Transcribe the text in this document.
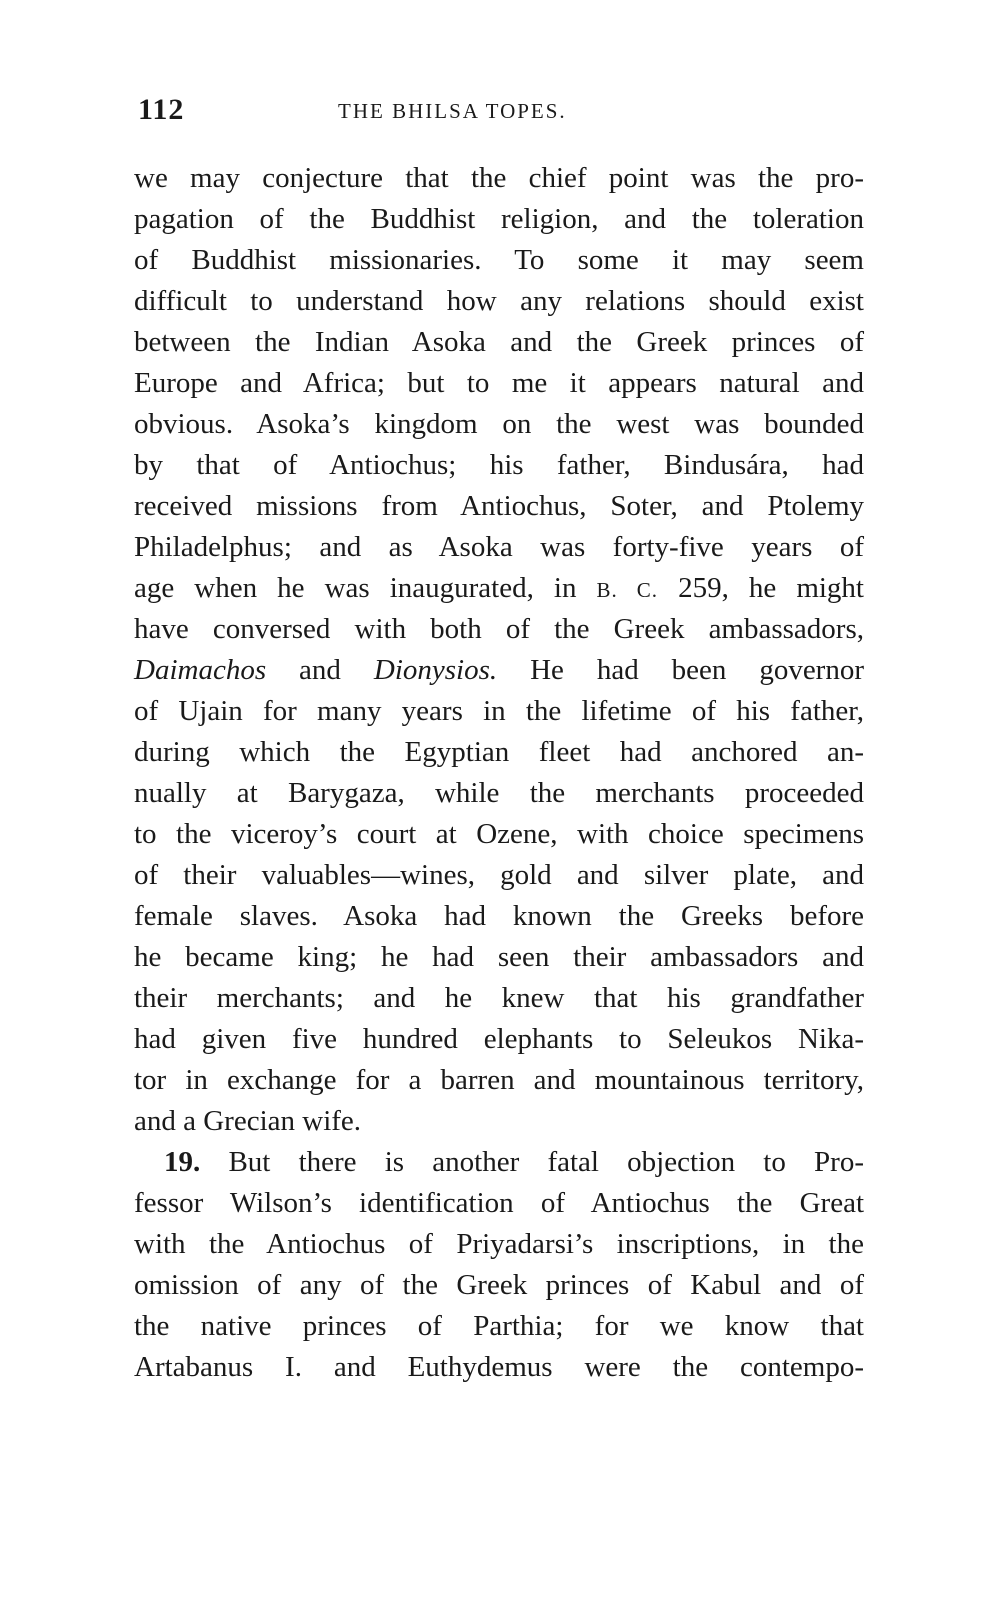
112	THE BHILSA TOPES.
we may conjecture that the chief point was the pro-
pagation of the Buddhist religion, and the toleration
of Buddhist missionaries. To some it may seem
difficult to understand how any relations should exist
between the Indian Asoka and the Greek princes of
Europe and Africa; but to me it appears natural and
obvious. Asoka’s kingdom on the west was bounded
by that of Antiochus; his father, Bindusára, had
received missions from Antiochus, Soter, and Ptolemy
Philadelphus; and as Asoka was forty-five years of
age when he was inaugurated, in B. C. 259, he might
have conversed with both of the Greek ambassadors,
Daimachos and Dionysios. He had been governor
of Ujain for many years in the lifetime of his father,
during which the Egyptian fleet had anchored an-
nually at Barygaza, while the merchants proceeded
to the viceroy’s court at Ozene, with choice specimens
of their valuables—wines, gold and silver plate, and
female slaves. Asoka had known the Greeks before
he became king; he had seen their ambassadors and
their merchants; and he knew that his grandfather
had given five hundred elephants to Seleukos Nika-
tor in exchange for a barren and mountainous territory,
and a Grecian wife.
19. But there is another fatal objection to Pro-
fessor Wilson’s identification of Antiochus the Great
with the Antiochus of Priyadarsi’s inscriptions, in the
omission of any of the Greek princes of Kabul and of
the native princes of Parthia; for we know that
Artabanus I. and Euthydemus were the contempo-
